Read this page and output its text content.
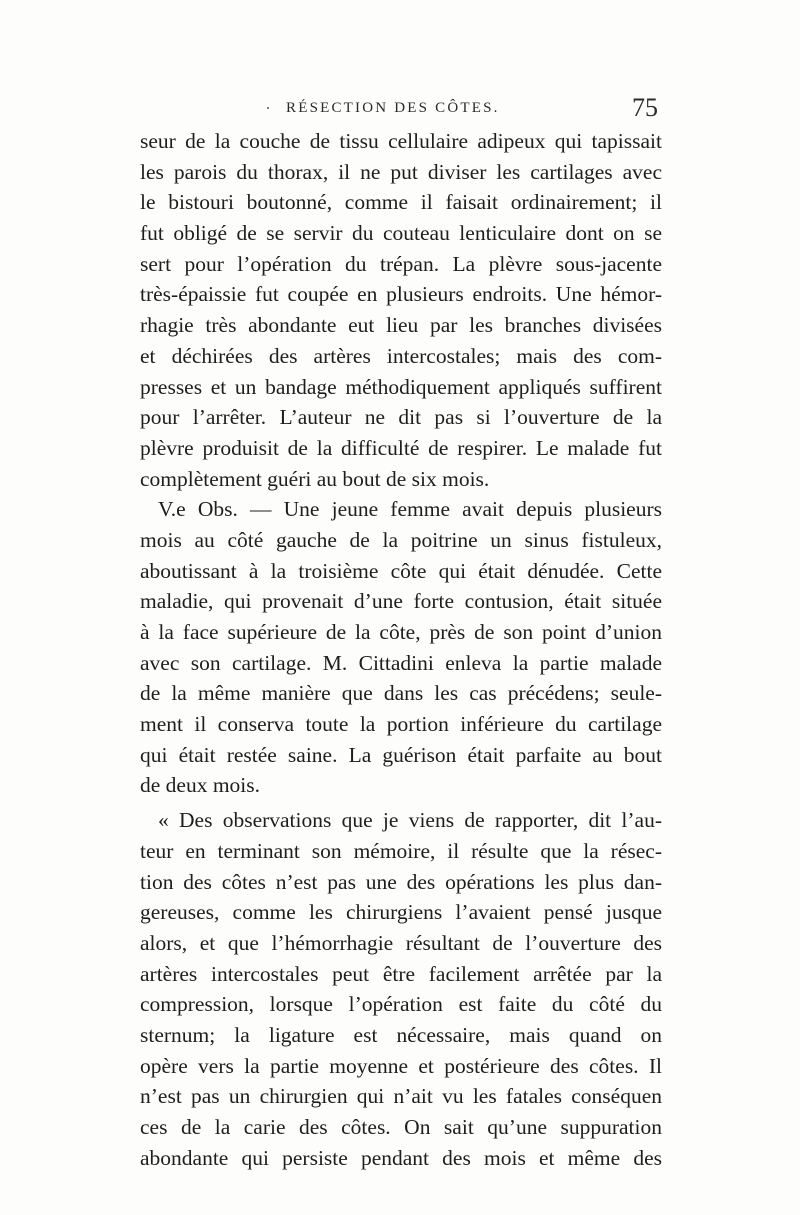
RÉSECTION DES CÔTES.	75
seur de la couche de tissu cellulaire adipeux qui tapissait
les parois du thorax, il ne put diviser les cartilages avec
le bistouri boutonné, comme il faisait ordinairement; il
fut obligé de se servir du couteau lenticulaire dont on se
sert pour l’opération du trépan. La plèvre sous-jacente
très-épaissie fut coupée en plusieurs endroits. Une hémor-
rhagie très abondante eut lieu par les branches divisées
et déchirées des artères intercostales; mais des com-
presses et un bandage méthodiquement appliqués suffirent
pour l’arrêter. L’auteur ne dit pas si l’ouverture de la
plèvre produisit de la difficulté de respirer. Le malade fut
complètement guéri au bout de six mois.
V.e Obs. — Une jeune femme avait depuis plusieurs
mois au côté gauche de la poitrine un sinus fistuleux,
aboutissant à la troisième côte qui était dénudée. Cette
maladie, qui provenait d’une forte contusion, était située
à la face supérieure de la côte, près de son point d’union
avec son cartilage. M. Cittadini enleva la partie malade
de la même manière que dans les cas précédens; seule-
ment il conserva toute la portion inférieure du cartilage
qui était restée saine. La guérison était parfaite au bout
de deux mois.
« Des observations que je viens de rapporter, dit l’au-
teur en terminant son mémoire, il résulte que la résec-
tion des côtes n’est pas une des opérations les plus dan-
gereuses, comme les chirurgiens l’avaient pensé jusque
alors, et que l’hémorrhagie résultant de l’ouverture des
artères intercostales peut être facilement arrêtée par la
compression, lorsque l’opération est faite du côté du
sternum; la ligature est nécessaire, mais quand on
opère vers la partie moyenne et postérieure des côtes. Il
n’est pas un chirurgien qui n’ait vu les fatales conséquen
ces de la carie des côtes. On sait qu’une suppuration
abondante qui persiste pendant des mois et même des
